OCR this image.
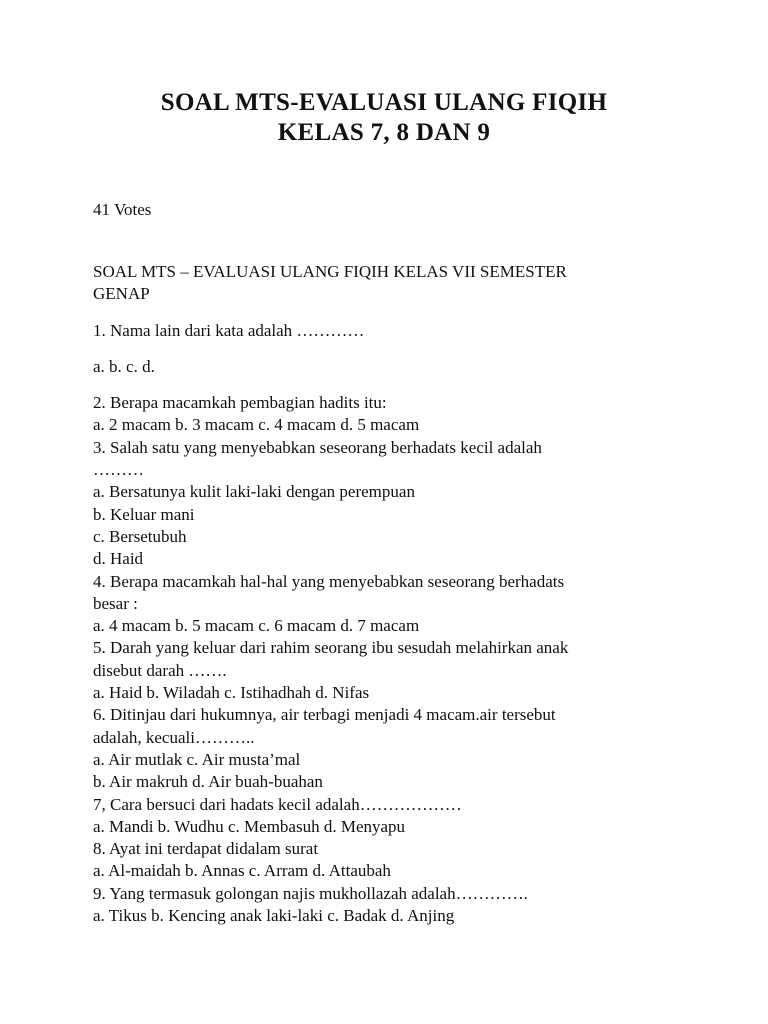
SOAL MTS-EVALUASI ULANG FIQIH
KELAS 7, 8 DAN 9
41 Votes
SOAL MTS – EVALUASI ULANG FIQIH KELAS VII SEMESTER
GENAP
1. Nama lain dari kata adalah …………
a. b. c. d.
2. Berapa macamkah pembagian hadits itu:
a. 2 macam b. 3 macam c. 4 macam d. 5 macam
3. Salah satu yang menyebabkan seseorang berhadats kecil adalah
………
a. Bersatunya kulit laki-laki dengan perempuan
b. Keluar mani
c. Bersetubuh
d. Haid
4. Berapa macamkah hal-hal yang menyebabkan seseorang berhadats
besar :
a. 4 macam b. 5 macam c. 6 macam d. 7 macam
5. Darah yang keluar dari rahim seorang ibu sesudah melahirkan anak
disebut darah …….
a. Haid b. Wiladah c. Istihadhah d. Nifas
6. Ditinjau dari hukumnya, air terbagi menjadi 4 macam.air tersebut
adalah, kecuali………..
a. Air mutlak c. Air musta’mal
b. Air makruh d. Air buah-buahan
7, Cara bersuci dari hadats kecil adalah………………
a. Mandi b. Wudhu c. Membasuh d. Menyapu
8. Ayat ini terdapat didalam surat
a. Al-maidah b. Annas c. Arram d. Attaubah
9. Yang termasuk golongan najis mukhollazah adalah………….
a. Tikus b. Kencing anak laki-laki c. Badak d. Anjing
